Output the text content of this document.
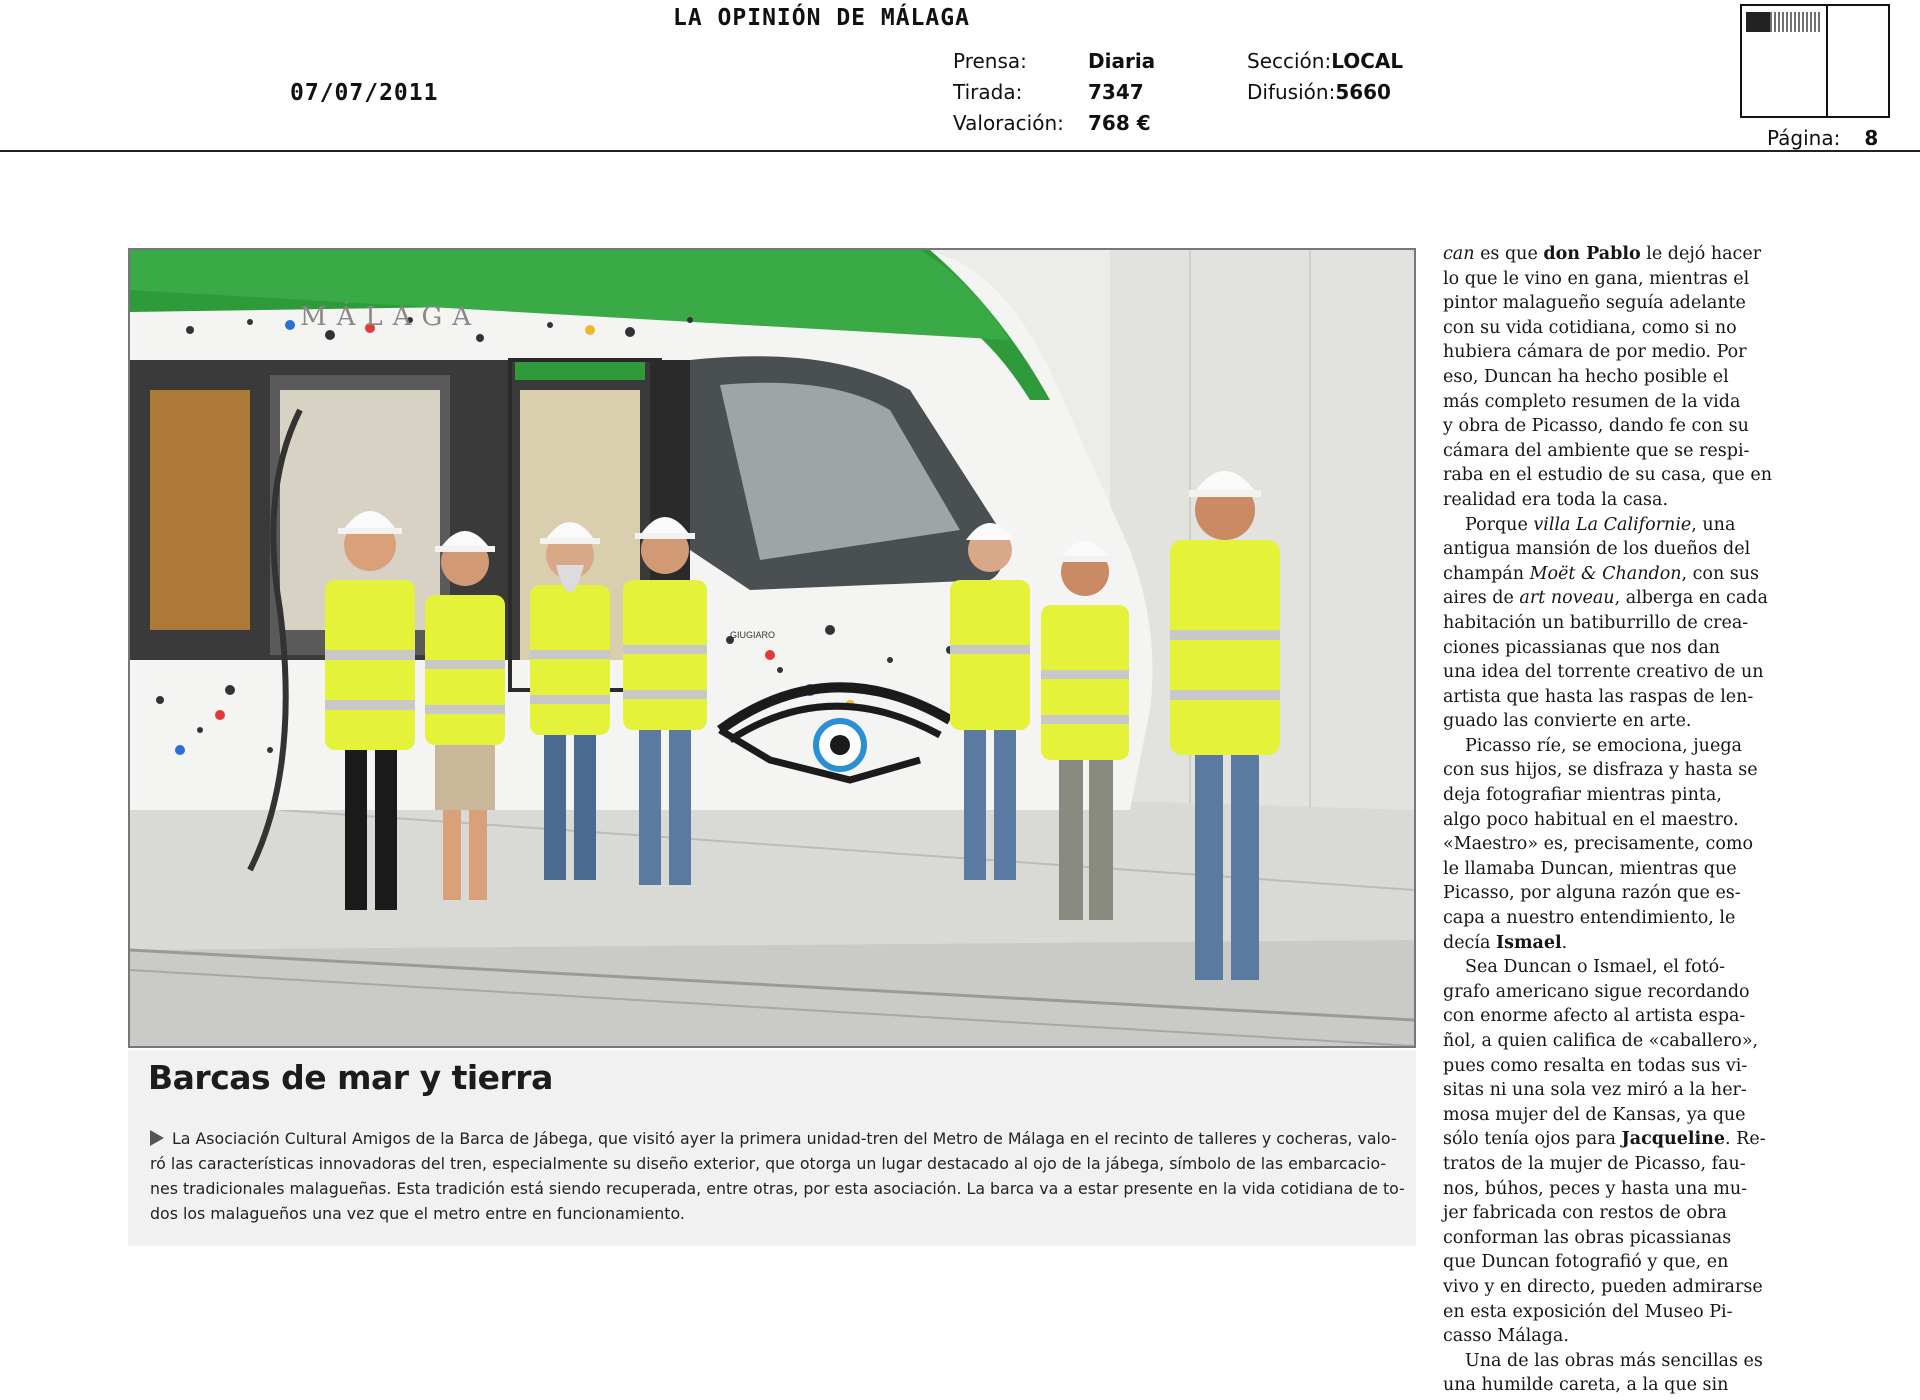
LA OPINIÓN DE MÁLAGA
07/07/2011
Prensa:	Diaria
Tirada:	7347
Valoración: 768 €
Sección:LOCAL
Difusión:5660
Página: 8
GIUGIARO
MÁLAGA
Barcas de mar y tierra

La Asociación Cultural Amigos de la Barca de Jábega, que visitó ayer la primera unidad-tren del Metro de Málaga en el recinto de talleres y cocheras, valo-
ró las características innovadoras del tren, especialmente su diseño exterior, que otorga un lugar destacado al ojo de la jábega, símbolo de las embarcacio-
nes tradicionales malagueñas. Esta tradición está siendo recuperada, entre otras, por esta asociación. La barca va a estar presente en la vida cotidiana de to-
dos los malagueños una vez que el metro entre en funcionamiento.

can es que don Pablo le dejó hacer
lo que le vino en gana, mientras el
pintor malagueño seguía adelante
con su vida cotidiana, como si no
hubiera cámara de por medio. Por
eso, Duncan ha hecho posible el
más completo resumen de la vida
y obra de Picasso, dando fe con su
cámara del ambiente que se respi-
raba en el estudio de su casa, que en
realidad era toda la casa.
Porque villa La Californie, una
antigua mansión de los dueños del
champán Moët & Chandon, con sus
aires de art noveau, alberga en cada
habitación un batiburrillo de crea-
ciones picassianas que nos dan
una idea del torrente creativo de un
artista que hasta las raspas de len-
guado las convierte en arte.
Picasso ríe, se emociona, juega
con sus hijos, se disfraza y hasta se
deja fotografiar mientras pinta,
algo poco habitual en el maestro.
«Maestro» es, precisamente, como
le llamaba Duncan, mientras que
Picasso, por alguna razón que es-
capa a nuestro entendimiento, le
decía Ismael.
Sea Duncan o Ismael, el fotó-
grafo americano sigue recordando
con enorme afecto al artista espa-
ñol, a quien califica de «caballero»,
pues como resalta en todas sus vi-
sitas ni una sola vez miró a la her-
mosa mujer del de Kansas, ya que
sólo tenía ojos para Jacqueline. Re-
tratos de la mujer de Picasso, fau-
nos, búhos, peces y hasta una mu-
jer fabricada con restos de obra
conforman las obras picassianas
que Duncan fotografió y que, en
vivo y en directo, pueden admirarse
en esta exposición del Museo Pi-
casso Málaga.
Una de las obras más sencillas es
una humilde careta, a la que sin
